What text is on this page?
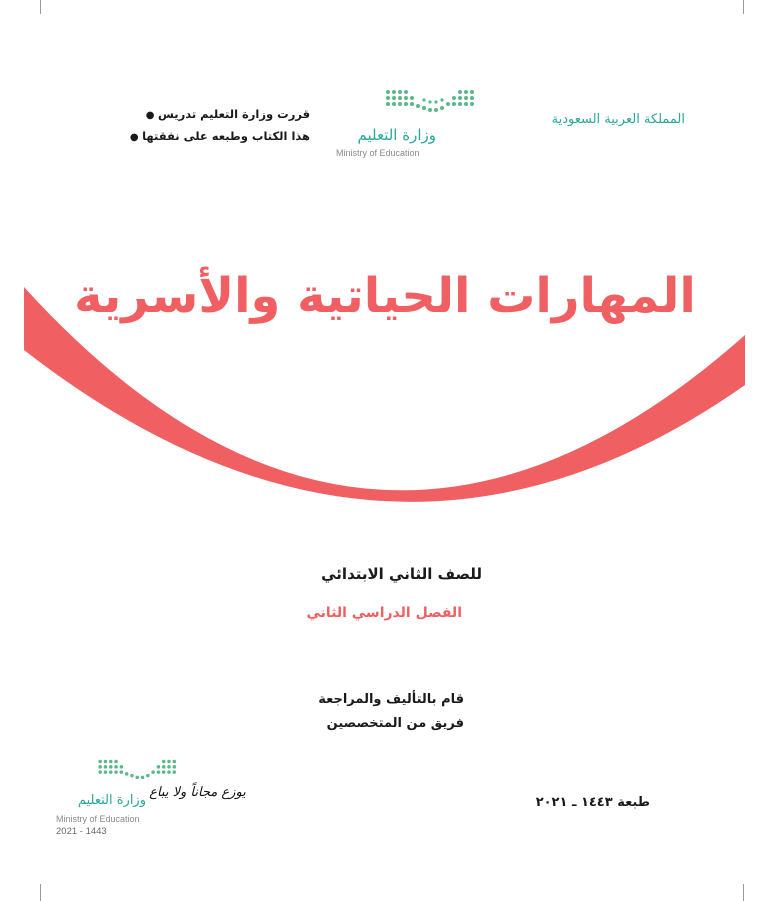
المملكة العربية السعودية
وزارة التعليم
Ministry of Education
قررت وزارة التعليم تدريس ●
هذا الكتاب وطبعه على نفقتها ●
المهارات الحياتية والأسرية
للصف الثاني الابتدائي
الفصل الدراسي الثاني
قام بالتأليف والمراجعة
فريق من المتخصصين
طبعة ١٤٤٣ ـ ٢٠٢١
وزارة التعليم
يوزع مجاناً ولا يباع
Ministry of Education
2021 - 1443
